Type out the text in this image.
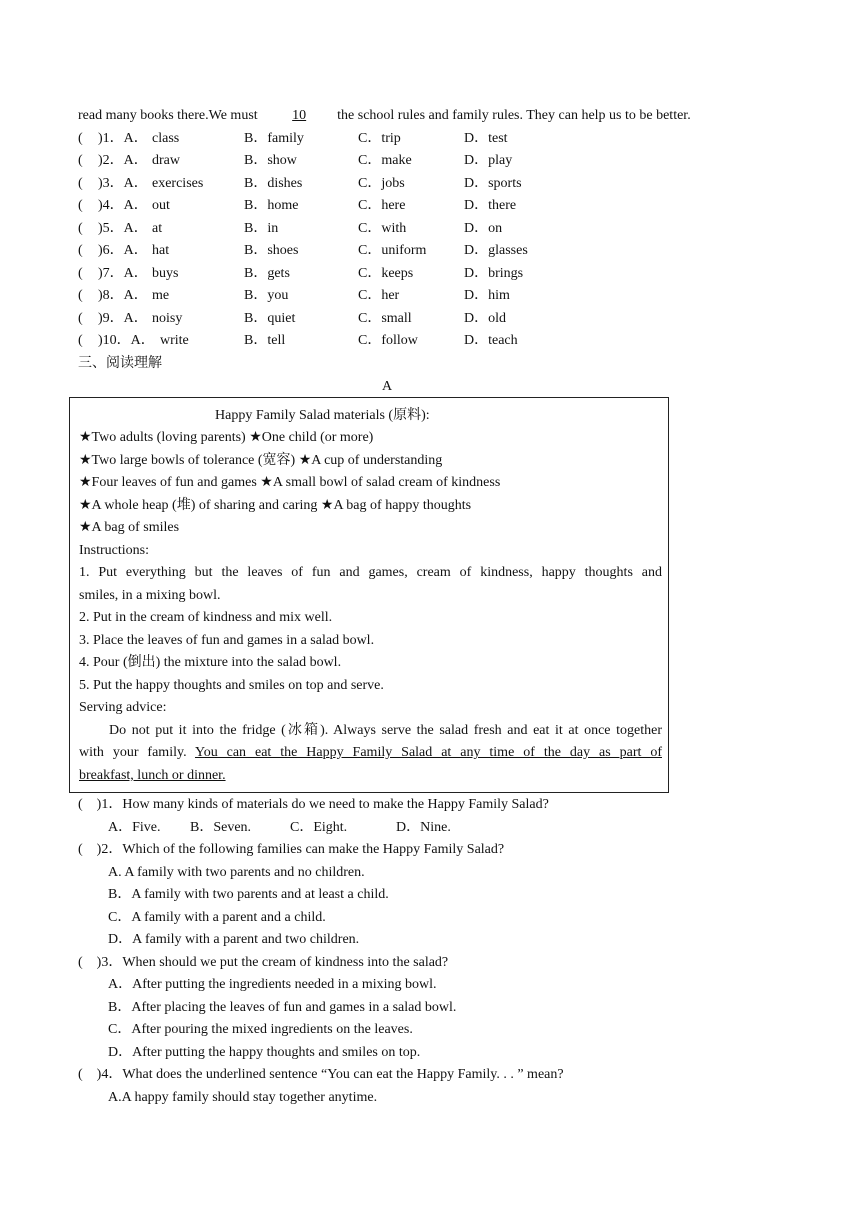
read many books there.We must 10 the school rules and family rules. They can help us to be better.
( )1．A． class	B．family	C．trip	D．test
( )2．A． draw	B．show	C．make	D．play
( )3．A． exercises	B．dishes	C．jobs	D．sports
( )4．A． out	B．home	C．here	D．there
( )5．A． at	B．in	C．with	D．on
( )6．A． hat	B．shoes	C．uniform	D．glasses
( )7．A． buys	B．gets	C．keeps	D．brings
( )8．A． me	B．you	C．her	D．him
( )9．A． noisy	B．quiet	C．small	D．old
( )10．A． write	B．tell	C．follow	D．teach
三、阅读理解
A
Happy Family Salad materials (原料):
★Two adults (loving parents) ★One child (or more)
★Two large bowls of tolerance (宽容) ★A cup of understanding
★Four leaves of fun and games ★A small bowl of salad cream of kindness
★A whole heap (堆) of sharing and caring ★A bag of happy thoughts
★A bag of smiles
Instructions:
1. Put everything but the leaves of fun and games, cream of kindness, happy thoughts and
smiles, in a mixing bowl.
2. Put in the cream of kindness and mix well.
3. Place the leaves of fun and games in a salad bowl.
4. Pour (倒出) the mixture into the salad bowl.
5. Put the happy thoughts and smiles on top and serve.
Serving advice:
Do not put it into the fridge (冰箱). Always serve the salad fresh and eat it at once together
with your family. You can eat the Happy Family Salad at any time of the day as part of
breakfast, lunch or dinner.
( )1．How many kinds of materials do we need to make the Happy Family Salad?
A．Five. B．Seven.	C．Eight.	D．Nine.
( )2．Which of the following families can make the Happy Family Salad?
A. A family with two parents and no children.
B．A family with two parents and at least a child.
C．A family with a parent and a child.
D．A family with a parent and two children.
( )3．When should we put the cream of kindness into the salad?
A．After putting the ingredients needed in a mixing bowl.
B．After placing the leaves of fun and games in a salad bowl.
C．After pouring the mixed ingredients on the leaves.
D．After putting the happy thoughts and smiles on top.
( )4．What does the underlined sentence “You can eat the Happy Family. . . ” mean?
A.A happy family should stay together anytime.
